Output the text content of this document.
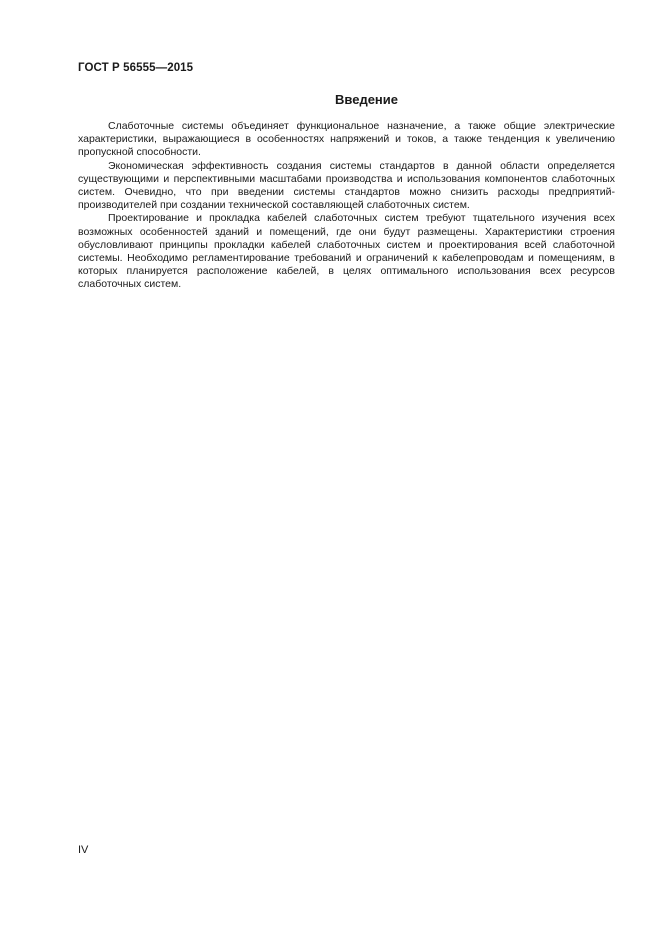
ГОСТ Р 56555—2015
Введение

Слаботочные системы объединяет функциональное назначение, а также общие электрические характеристики, выражающиеся в особенностях напряжений и токов, а также тенденция к увеличению пропускной способности.

Экономическая эффективность создания системы стандартов в данной области определяется существующими и перспективными масштабами производства и использования компонентов слаботочных систем. Очевидно, что при введении системы стандартов можно снизить расходы предприятий-производителей при создании технической составляющей слаботочных систем.

Проектирование и прокладка кабелей слаботочных систем требуют тщательного изучения всех возможных особенностей зданий и помещений, где они будут размещены. Характеристики строения обусловливают принципы прокладки кабелей слаботочных систем и проектирования всей слаботочной системы. Необходимо регламентирование требований и ограничений к кабелепроводам и помещениям, в которых планируется расположение кабелей, в целях оптимального использования всех ресурсов слаботочных систем.

IV
